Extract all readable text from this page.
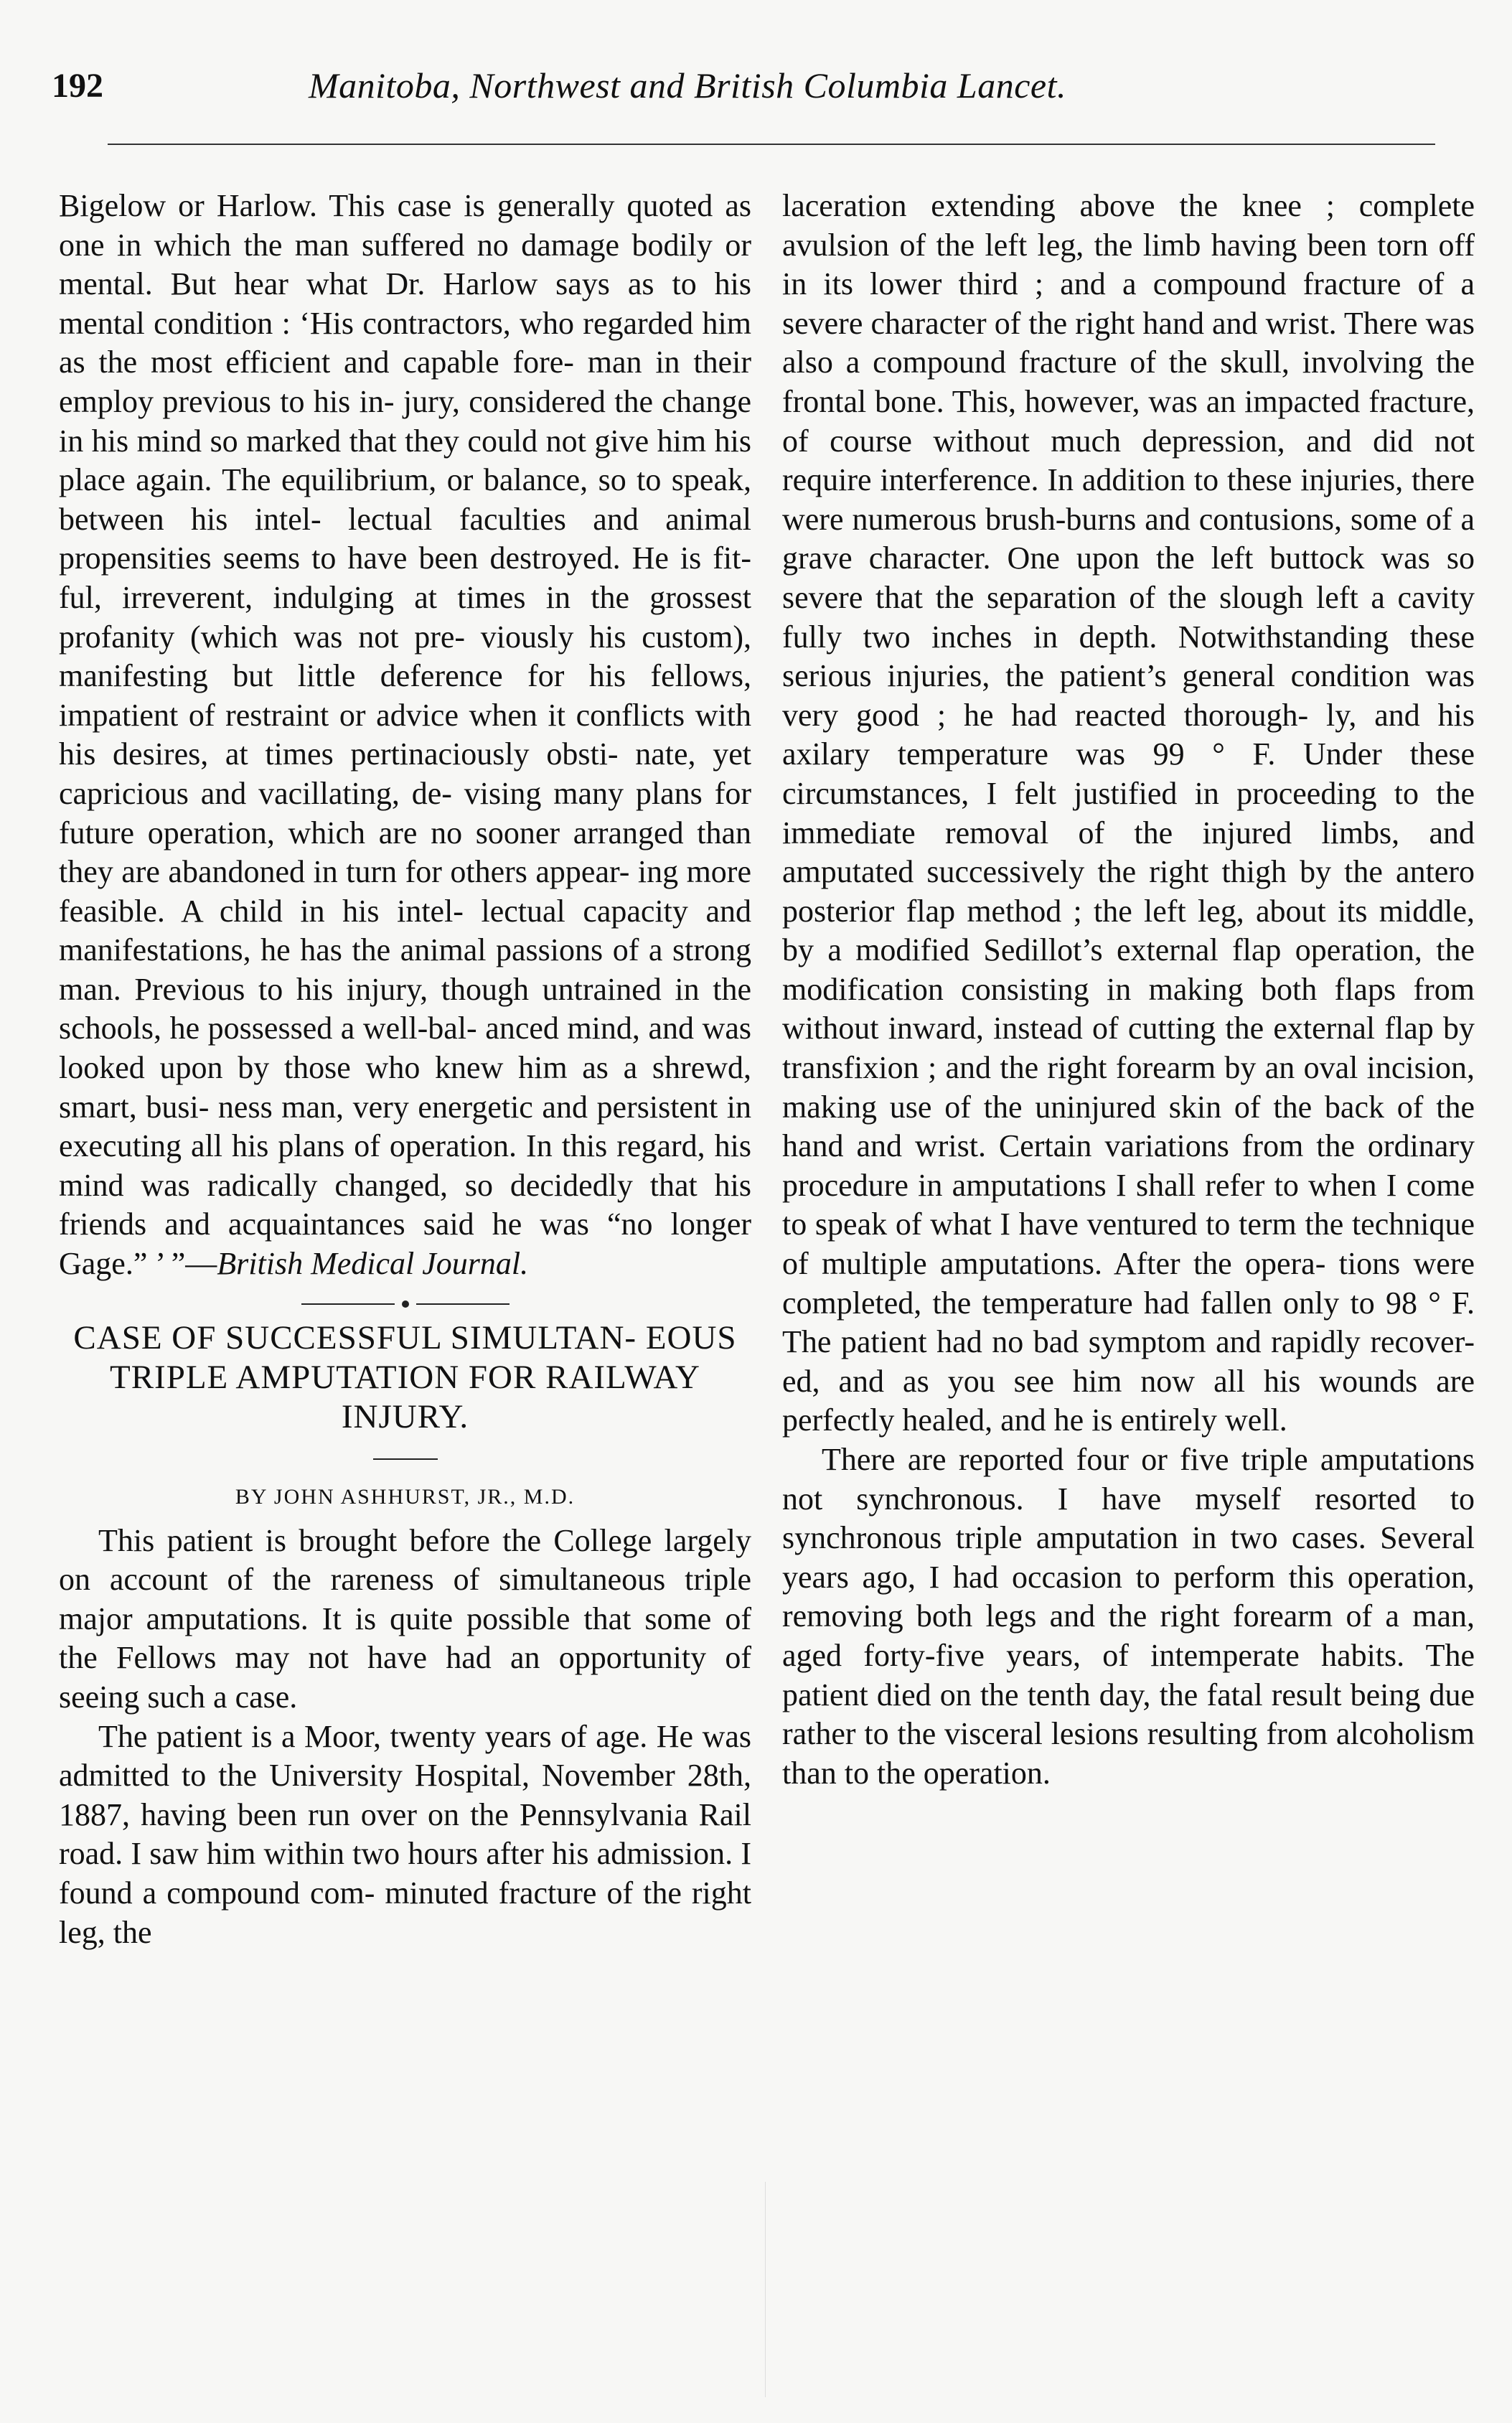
192	Manitoba, Northwest and British Columbia Lancet.

Bigelow or Harlow. This case is generally quoted as one in which the man suffered no damage bodily or mental. But hear what Dr. Harlow says as to his mental condition : ‘His contractors, who regarded him as the most efficient and capable fore- man in their employ previous to his in- jury, considered the change in his mind so marked that they could not give him his place again. The equilibrium, or balance, so to speak, between his intel- lectual faculties and animal propensities seems to have been destroyed. He is fit- ful, irreverent, indulging at times in the grossest profanity (which was not pre- viously his custom), manifesting but little deference for his fellows, impatient of restraint or advice when it conflicts with his desires, at times pertinaciously obsti- nate, yet capricious and vacillating, de- vising many plans for future operation, which are no sooner arranged than they are abandoned in turn for others appear- ing more feasible. A child in his intel- lectual capacity and manifestations, he has the animal passions of a strong man. Previous to his injury, though untrained in the schools, he possessed a well-bal- anced mind, and was looked upon by those who knew him as a shrewd, smart, busi- ness man, very energetic and persistent in executing all his plans of operation. In this regard, his mind was radically changed, so decidedly that his friends and acquaintances said he was “no longer Gage.” ’ ”—British Medical Journal.

CASE OF SUCCESSFUL SIMULTAN- EOUS TRIPLE AMPUTATION FOR RAILWAY INJURY.
BY JOHN ASHHURST, JR., M.D.

This patient is brought before the College largely on account of the rareness of simultaneous triple major amputations. It is quite possible that some of the Fellows may not have had an opportunity of seeing such a case.

The patient is a Moor, twenty years of age. He was admitted to the University Hospital, November 28th, 1887, having been run over on the Pennsylvania Rail road. I saw him within two hours after his admission. I found a compound com- minuted fracture of the right leg, the

laceration extending above the knee ; complete avulsion of the left leg, the limb having been torn off in its lower third ; and a compound fracture of a severe character of the right hand and wrist. There was also a compound fracture of the skull, involving the frontal bone. This, however, was an impacted fracture, of course without much depression, and did not require interference. In addition to these injuries, there were numerous brush-burns and contusions, some of a grave character. One upon the left buttock was so severe that the separation of the slough left a cavity fully two inches in depth. Notwithstanding these serious injuries, the patient’s general condition was very good ; he had reacted thorough- ly, and his axilary temperature was 99 ° F. Under these circumstances, I felt justified in proceeding to the immediate removal of the injured limbs, and amputated successively the right thigh by the antero posterior flap method ; the left leg, about its middle, by a modified Sedillot’s external flap operation, the modification consisting in making both flaps from without inward, instead of cutting the external flap by transfixion ; and the right forearm by an oval incision, making use of the uninjured skin of the back of the hand and wrist. Certain variations from the ordinary procedure in amputations I shall refer to when I come to speak of what I have ventured to term the technique of multiple amputations. After the opera- tions were completed, the temperature had fallen only to 98 ° F. The patient had no bad symptom and rapidly recover- ed, and as you see him now all his wounds are perfectly healed, and he is entirely well.

There are reported four or five triple amputations not synchronous. I have myself resorted to synchronous triple amputation in two cases. Several years ago, I had occasion to perform this operation, removing both legs and the right forearm of a man, aged forty-five years, of intemperate habits. The patient died on the tenth day, the fatal result being due rather to the visceral lesions resulting from alcoholism than to the operation.
